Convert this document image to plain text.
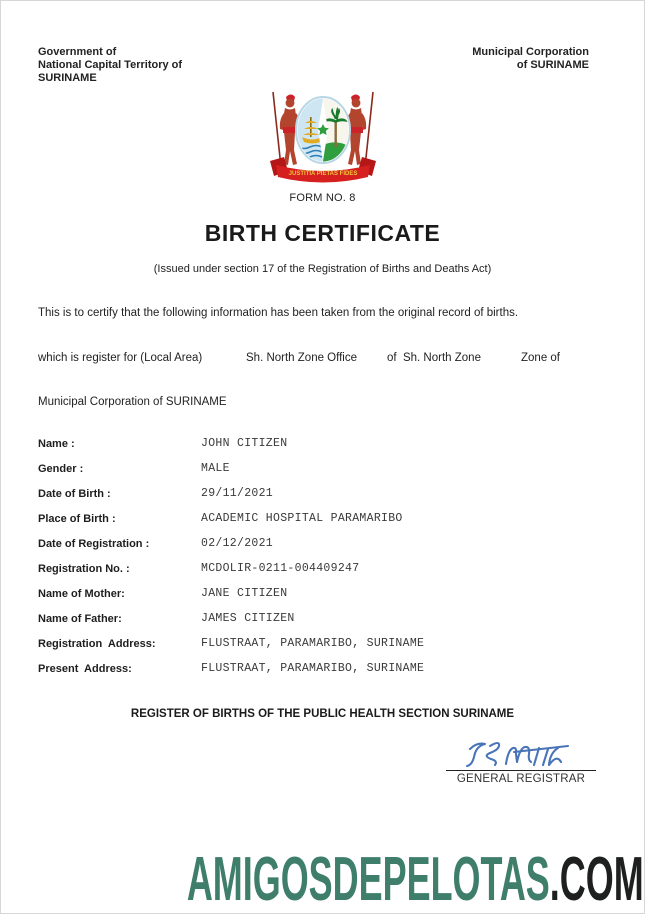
Government of
National Capital Territory of
SURINAME
Municipal Corporation
of SURINAME
JUSTITIA PIETAS FIDES
FORM NO. 8
BIRTH CERTIFICATE
(Issued under section 17 of the Registration of Births and Deaths Act)
This is to certify that the following information has been taken from the original record of births.
which is register for (Local Area)	Sh. North Zone Office	of  Sh. North Zone	Zone of
Municipal Corporation of SURINAME
Name :	JOHN CITIZEN
Gender :	MALE
Date of Birth :	29/11/2021
Place of Birth :	ACADEMIC HOSPITAL PARAMARIBO
Date of Registration :	02/12/2021
Registration No. :	MCDOLIR-0211-004409247
Name of Mother:	JANE CITIZEN
Name of Father:	JAMES CITIZEN
Registration  Address:	FLUSTRAAT, PARAMARIBO, SURINAME
Present  Address:	FLUSTRAAT, PARAMARIBO, SURINAME
REGISTER OF BIRTHS OF THE PUBLIC HEALTH SECTION SURINAME
GENERAL REGISTRAR
AMIGOSDEPELOTAS.COM
